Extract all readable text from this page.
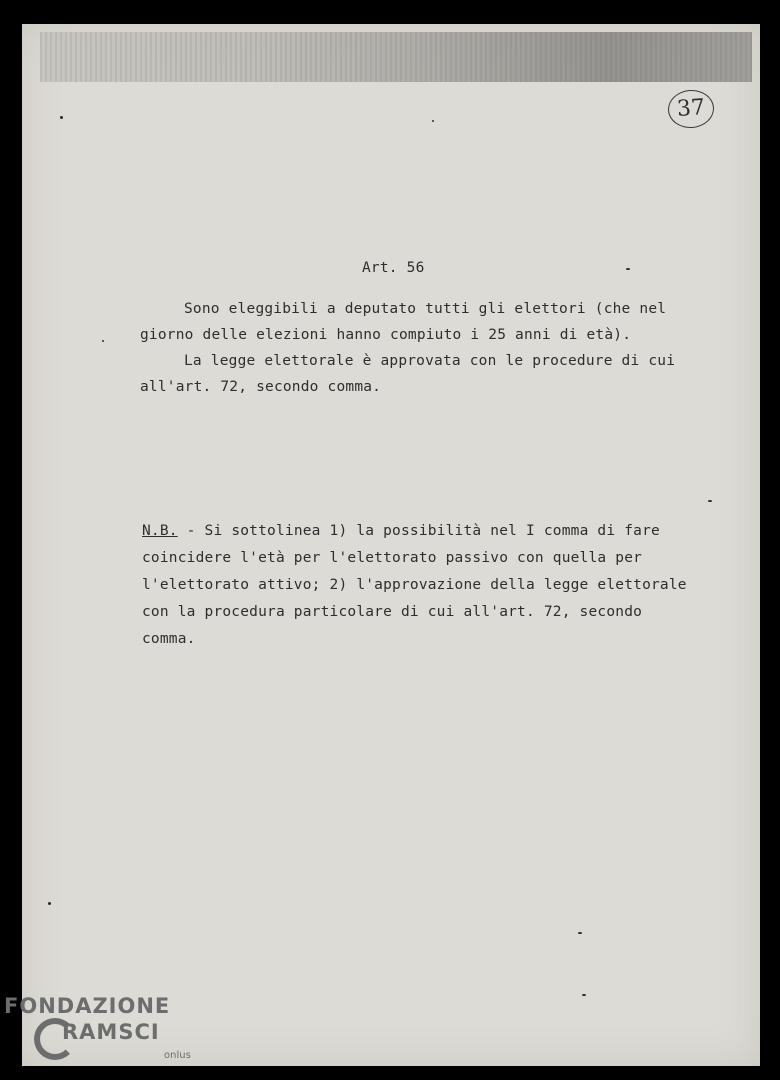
37
Art. 56

Sono eleggibili a deputato tutti gli elettori (che nel giorno delle elezioni hanno compiuto i 25 anni di età).

La legge elettorale è approvata con le procedure di cui all'art. 72, secondo comma.

N.B. - Si sottolinea 1) la possibilità nel I comma di fare coincidere l'età per l'elettorato passivo con quella per l'elettorato attivo; 2) l'approvazione della legge elettorale con la procedura particolare di cui all'art. 72, secondo comma.

FONDAZIONE
RAMSCI
onlus
